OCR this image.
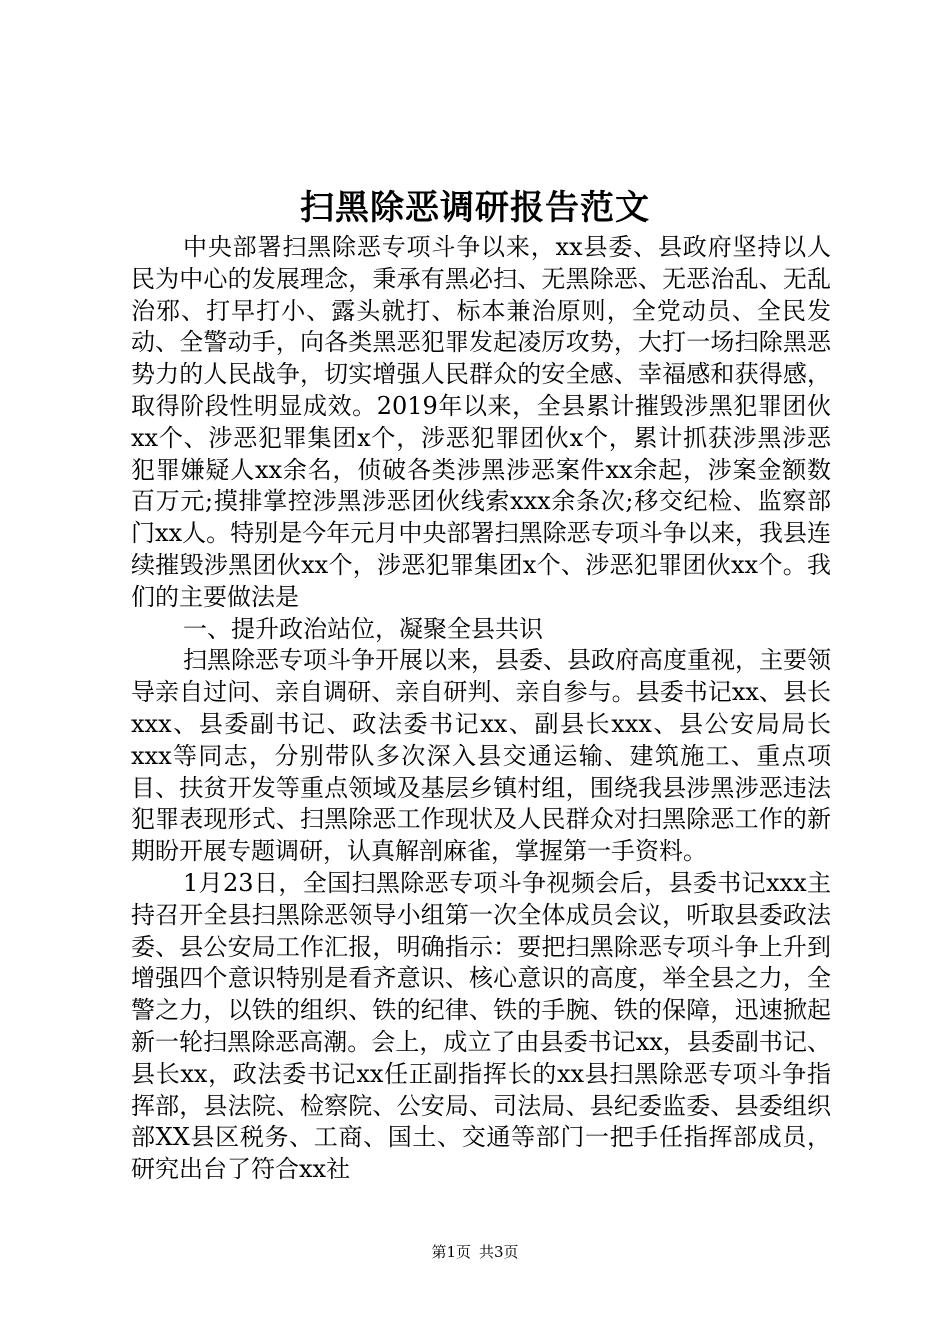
扫黑除恶调研报告范文

中央部署扫黑除恶专项斗争以来，xx县委、县政府坚持以人民为中心的发展理念，秉承有黑必扫、无黑除恶、无恶治乱、无乱治邪、打早打小、露头就打、标本兼治原则，全党动员、全民发动、全警动手，向各类黑恶犯罪发起凌厉攻势，大打一场扫除黑恶势力的人民战争，切实增强人民群众的安全感、幸福感和获得感，取得阶段性明显成效。2019年以来，全县累计摧毁涉黑犯罪团伙xx个、涉恶犯罪集团x个，涉恶犯罪团伙x个，累计抓获涉黑涉恶犯罪嫌疑人xx余名，侦破各类涉黑涉恶案件xx余起，涉案金额数百万元;摸排掌控涉黑涉恶团伙线索xxx余条次;移交纪检、监察部门xx人。特别是今年元月中央部署扫黑除恶专项斗争以来，我县连续摧毁涉黑团伙xx个，涉恶犯罪集团x个、涉恶犯罪团伙xx个。我们的主要做法是

一、提升政治站位，凝聚全县共识

扫黑除恶专项斗争开展以来，县委、县政府高度重视，主要领导亲自过问、亲自调研、亲自研判、亲自参与。县委书记xx、县长xxx、县委副书记、政法委书记xx、副县长xxx、县公安局局长xxx等同志，分别带队多次深入县交通运输、建筑施工、重点项目、扶贫开发等重点领域及基层乡镇村组，围绕我县涉黑涉恶违法犯罪表现形式、扫黑除恶工作现状及人民群众对扫黑除恶工作的新期盼开展专题调研，认真解剖麻雀，掌握第一手资料。

1月23日，全国扫黑除恶专项斗争视频会后，县委书记xxx主持召开全县扫黑除恶领导小组第一次全体成员会议，听取县委政法委、县公安局工作汇报，明确指示：要把扫黑除恶专项斗争上升到增强四个意识特别是看齐意识、核心意识的高度，举全县之力，全警之力，以铁的组织、铁的纪律、铁的手腕、铁的保障，迅速掀起新一轮扫黑除恶高潮。会上，成立了由县委书记xx，县委副书记、县长xx，政法委书记xx任正副指挥长的xx县扫黑除恶专项斗争指挥部，县法院、检察院、公安局、司法局、县纪委监委、县委组织部XX县区税务、工商、国土、交通等部门一把手任指挥部成员，研究出台了符合xx社

第1页 共3页
